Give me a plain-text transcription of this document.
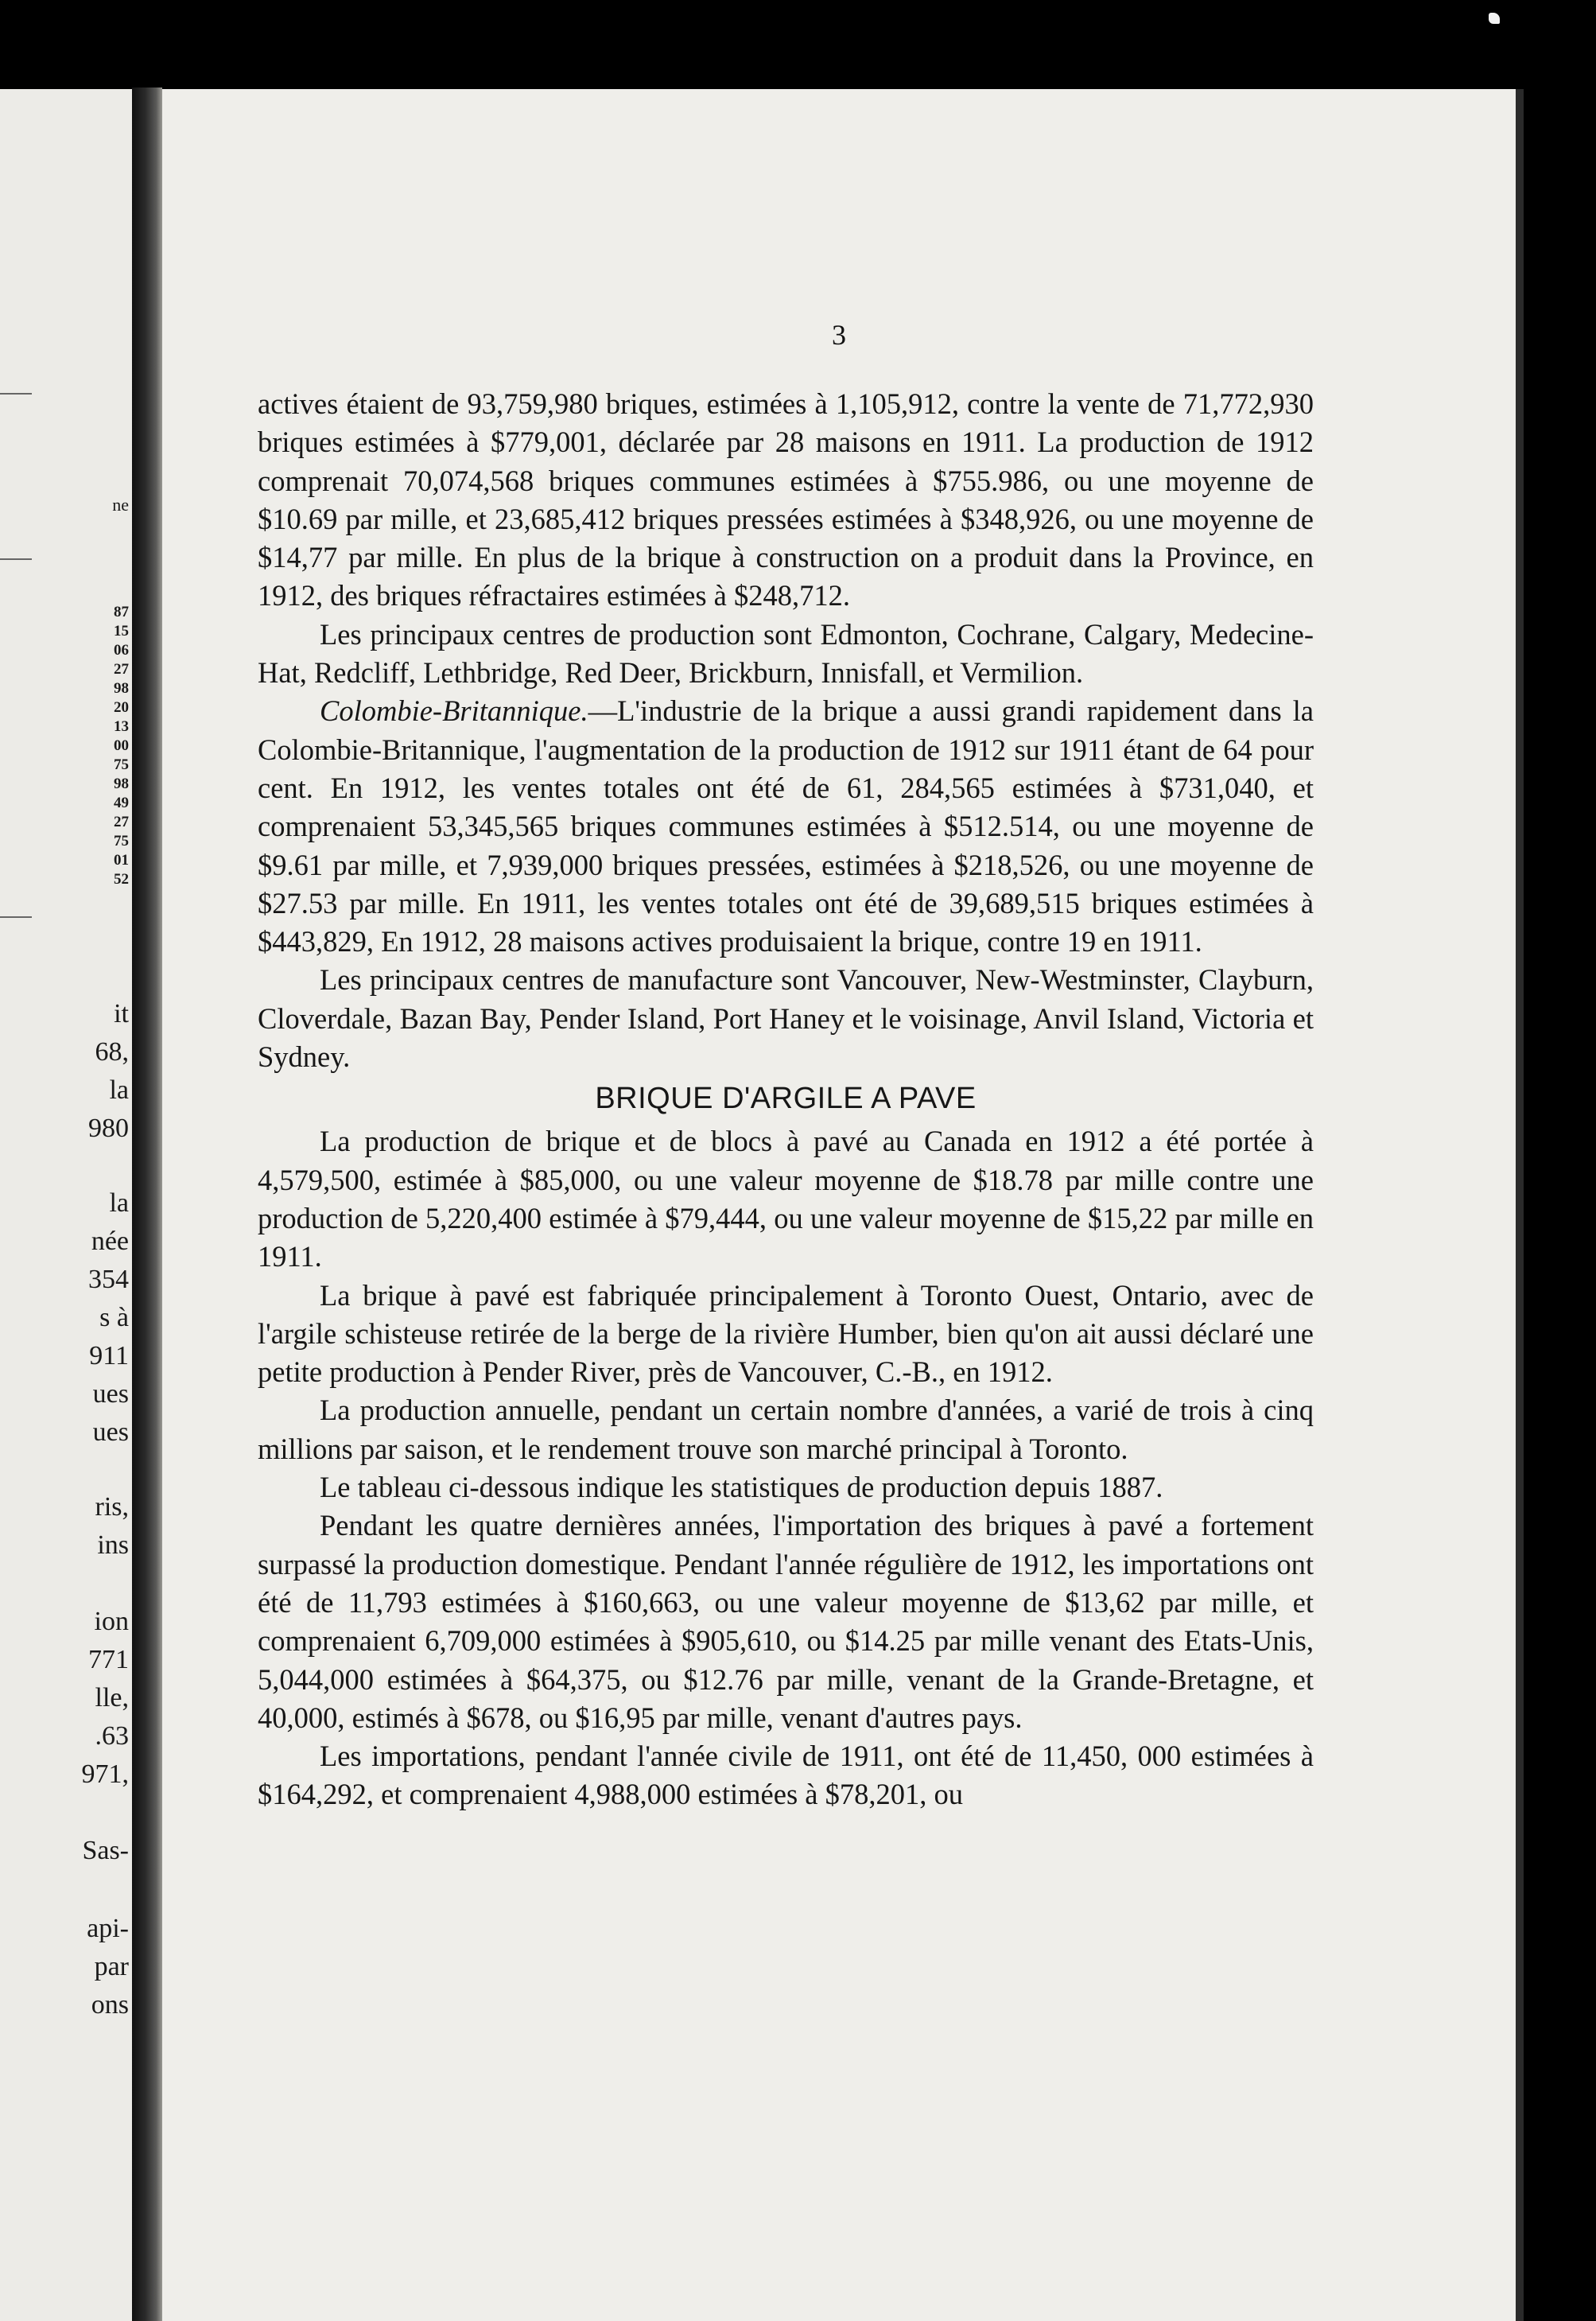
ne
87
15
06
27
98
20
13
00
75
98
49
27
75
01
52
it
68,
la
980
la
née
354
s à
911
ues
ues
ris,
ins
ion
771
lle,
.63
971,
Sas-
api-
par
ons
3

actives étaient de 93,759,980 briques, estimées à 1,105,912, contre la vente de 71,772,930 briques estimées à $779,001, déclarée par 28 maisons en 1911. La production de 1912 comprenait 70,074,568 briques communes estimées à $755.986, ou une moyenne de $10.69 par mille, et 23,685,412 briques pressées estimées à $348,926, ou une moyenne de $14,77 par mille. En plus de la brique à construction on a produit dans la Province, en 1912, des briques réfractaires estimées à $248,712.

Les principaux centres de production sont Edmonton, Cochrane, Calgary, Medecine-Hat, Redcliff, Lethbridge, Red Deer, Brickburn, Innisfall, et Vermilion.

Colombie-Britannique.—L'industrie de la brique a aussi grandi rapidement dans la Colombie-Britannique, l'augmentation de la production de 1912 sur 1911 étant de 64 pour cent. En 1912, les ventes totales ont été de 61, 284,565 estimées à $731,040, et comprenaient 53,345,565 briques communes estimées à $512.514, ou une moyenne de $9.61 par mille, et 7,939,000 briques pressées, estimées à $218,526, ou une moyenne de $27.53 par mille. En 1911, les ventes totales ont été de 39,689,515 briques estimées à $443,829, En 1912, 28 maisons actives produisaient la brique, contre 19 en 1911.

Les principaux centres de manufacture sont Vancouver, New-Westminster, Clayburn, Cloverdale, Bazan Bay, Pender Island, Port Haney et le voisinage, Anvil Island, Victoria et Sydney.

BRIQUE D'ARGILE A PAVE

La production de brique et de blocs à pavé au Canada en 1912 a été portée à 4,579,500, estimée à $85,000, ou une valeur moyenne de $18.78 par mille contre une production de 5,220,400 estimée à $79,444, ou une valeur moyenne de $15,22 par mille en 1911.

La brique à pavé est fabriquée principalement à Toronto Ouest, Ontario, avec de l'argile schisteuse retirée de la berge de la rivière Humber, bien qu'on ait aussi déclaré une petite production à Pender River, près de Vancouver, C.-B., en 1912.

La production annuelle, pendant un certain nombre d'années, a varié de trois à cinq millions par saison, et le rendement trouve son marché principal à Toronto.

Le tableau ci-dessous indique les statistiques de production depuis 1887.

Pendant les quatre dernières années, l'importation des briques à pavé a fortement surpassé la production domestique. Pendant l'année régulière de 1912, les importations ont été de 11,793 estimées à $160,663, ou une valeur moyenne de $13,62 par mille, et comprenaient 6,709,000 estimées à $905,610, ou $14.25 par mille venant des Etats-Unis, 5,044,000 estimées à $64,375, ou $12.76 par mille, venant de la Grande-Bretagne, et 40,000, estimés à $678, ou $16,95 par mille, venant d'autres pays.

Les importations, pendant l'année civile de 1911, ont été de 11,450, 000 estimées à $164,292, et comprenaient 4,988,000 estimées à $78,201, ou
